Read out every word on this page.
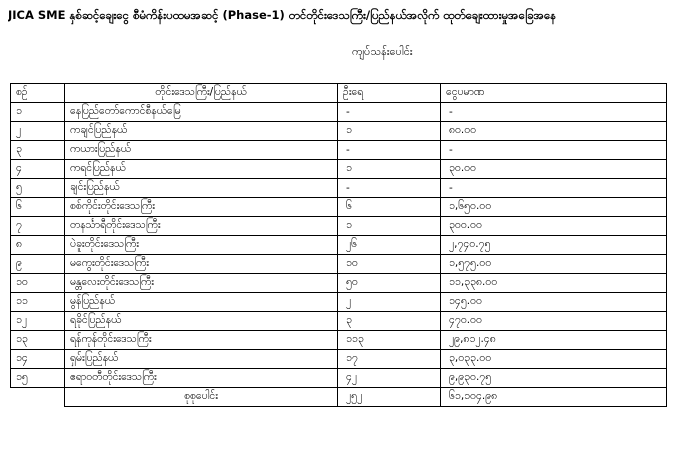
JICA SME နှစ်ဆင့်ချေးငွေ စီမံကိန်းပထမအဆင့် (Phase-1) တင်တိုင်းဒေသကြီး/ပြည်နယ်အလိုက် ထုတ်ချေးထားမှုအခြေအနေ
ကျပ်သန်းပေါင်း
စဉ်	တိုင်းဒေသကြီး/ပြည်နယ်	ဦးရေ	ငွေပမာဏ
၁	နေပြည်တော်ကောင်စီနယ်မြေ	-	-
၂	ကချင်ပြည်နယ်	၁	၈၀.၀၀
၃	ကယားပြည်နယ်	-	-
၄	ကရင်ပြည်နယ်	၁	၃၀.၀၀
၅	ချင်းပြည်နယ်	-	-
၆	စစ်ကိုင်းတိုင်းဒေသကြီး	၆	၁,၆၅၀.၀၀
၇	တနင်္သာရီတိုင်းဒေသကြီး	၁	၃၀၀.၀၀
၈	ပဲခူးတိုင်းဒေသကြီး	၂၆	၂,၇၄၀.၇၅
၉	မကွေးတိုင်းဒေသကြီး	၁၀	၁,၅၇၅.၀၀
၁၀	မန္တလေးတိုင်းဒေသကြီး	၅၀	၁၁,၃၃၈.၀၀
၁၁	မွန်ပြည်နယ်	၂	၁၄၅.၀၀
၁၂	ရခိုင်ပြည်နယ်	၃	၄၇၀.၀၀
၁၃	ရန်ကုန်တိုင်းဒေသကြီး	၁၁၃	၂၉,၈၁၂.၄၈
၁၄	ရှမ်းပြည်နယ်	၁၇	၃,၀၃၃.၀၀
၁၅	ဧရာဝတီတိုင်းဒေသကြီး	၄၂	၉,၉၃၀.၇၅
	စုစုပေါင်း	၂၅၂	၆၁,၁၀၄.၉၈
